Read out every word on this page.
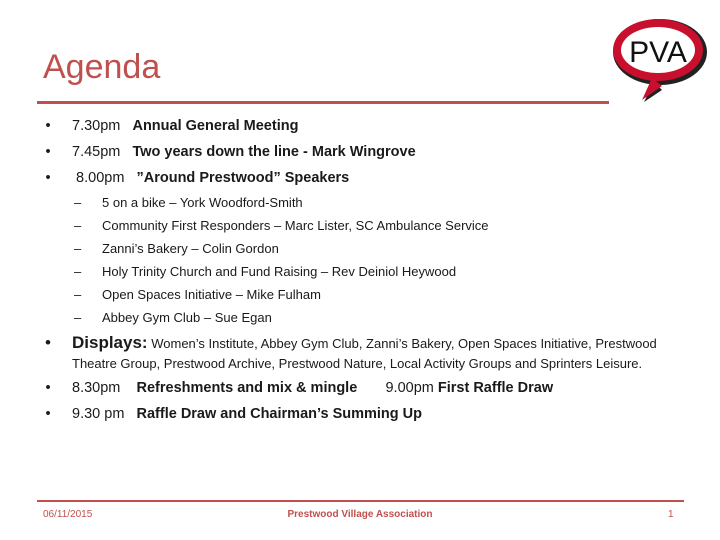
Agenda	PVA
• 7.30pm Annual General Meeting
• 7.45pm Two years down the line - Mark Wingrove
• 8.00pm ”Around Prestwood” Speakers
– 5 on a bike – York Woodford-Smith
– Community First Responders – Marc Lister, SC Ambulance Service
– Zanni’s Bakery – Colin Gordon
– Holy Trinity Church and Fund Raising – Rev Deiniol Heywood
– Open Spaces Initiative – Mike Fulham
– Abbey Gym Club – Sue Egan
• Displays: Women’s Institute, Abbey Gym Club, Zanni’s Bakery, Open Spaces Initiative, Prestwood Theatre Group, Prestwood Archive, Prestwood Nature, Local Activity Groups and Sprinters Leisure.
• 8.30pm Refreshments and mix & mingle 9.00pm First Raffle Draw
• 9.30 pm Raffle Draw and Chairman’s Summing Up
06/11/2015	Prestwood Village Association	1
